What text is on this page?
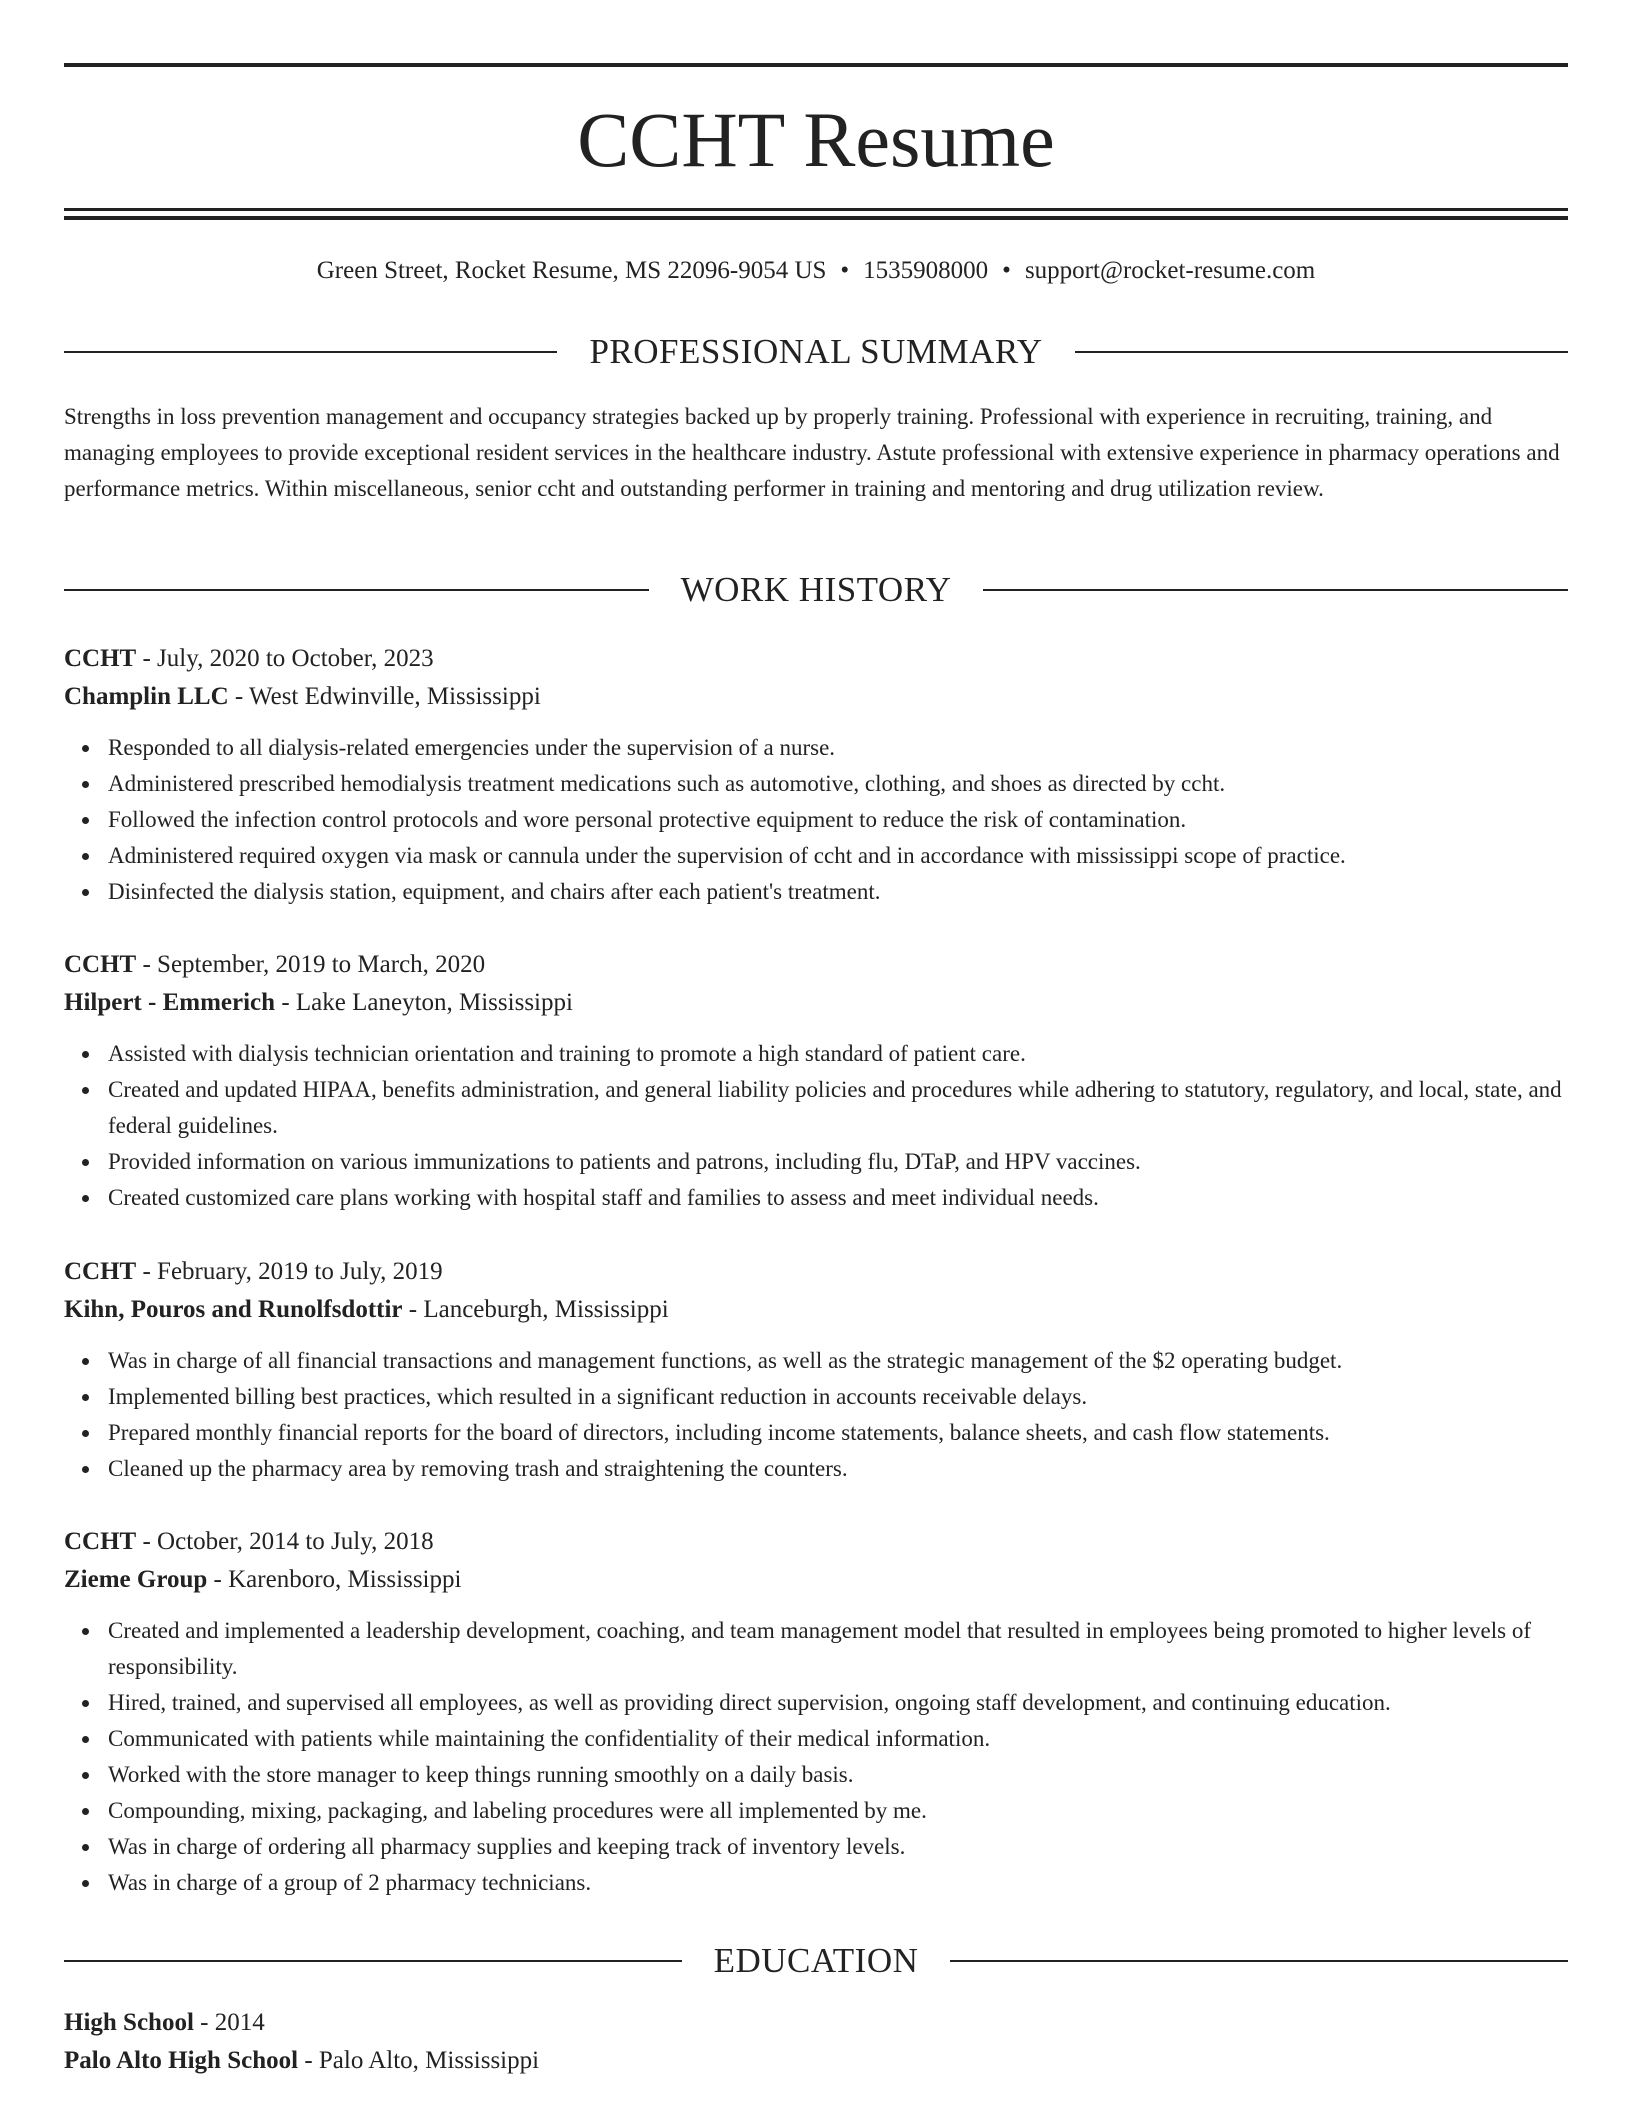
CCHT Resume
Green Street, Rocket Resume, MS 22096-9054 US • 1535908000 • support@rocket-resume.com
PROFESSIONAL SUMMARY

Strengths in loss prevention management and occupancy strategies backed up by properly training. Professional with experience in recruiting, training, and managing employees to provide exceptional resident services in the healthcare industry. Astute professional with extensive experience in pharmacy operations and performance metrics. Within miscellaneous, senior ccht and outstanding performer in training and mentoring and drug utilization review.

WORK HISTORY
CCHT - July, 2020 to October, 2023
Champlin LLC - West Edwinville, Mississippi
Responded to all dialysis-related emergencies under the supervision of a nurse.
Administered prescribed hemodialysis treatment medications such as automotive, clothing, and shoes as directed by ccht.
Followed the infection control protocols and wore personal protective equipment to reduce the risk of contamination.
Administered required oxygen via mask or cannula under the supervision of ccht and in accordance with mississippi scope of practice.
Disinfected the dialysis station, equipment, and chairs after each patient's treatment.
CCHT - September, 2019 to March, 2020
Hilpert - Emmerich - Lake Laneyton, Mississippi
Assisted with dialysis technician orientation and training to promote a high standard of patient care.
Created and updated HIPAA, benefits administration, and general liability policies and procedures while adhering to statutory, regulatory, and local, state, and federal guidelines.
Provided information on various immunizations to patients and patrons, including flu, DTaP, and HPV vaccines.
Created customized care plans working with hospital staff and families to assess and meet individual needs.
CCHT - February, 2019 to July, 2019
Kihn, Pouros and Runolfsdottir - Lanceburgh, Mississippi
Was in charge of all financial transactions and management functions, as well as the strategic management of the $2 operating budget.
Implemented billing best practices, which resulted in a significant reduction in accounts receivable delays.
Prepared monthly financial reports for the board of directors, including income statements, balance sheets, and cash flow statements.
Cleaned up the pharmacy area by removing trash and straightening the counters.
CCHT - October, 2014 to July, 2018
Zieme Group - Karenboro, Mississippi
Created and implemented a leadership development, coaching, and team management model that resulted in employees being promoted to higher levels of responsibility.
Hired, trained, and supervised all employees, as well as providing direct supervision, ongoing staff development, and continuing education.
Communicated with patients while maintaining the confidentiality of their medical information.
Worked with the store manager to keep things running smoothly on a daily basis.
Compounding, mixing, packaging, and labeling procedures were all implemented by me.
Was in charge of ordering all pharmacy supplies and keeping track of inventory levels.
Was in charge of a group of 2 pharmacy technicians.
EDUCATION
High School - 2014
Palo Alto High School - Palo Alto, Mississippi
